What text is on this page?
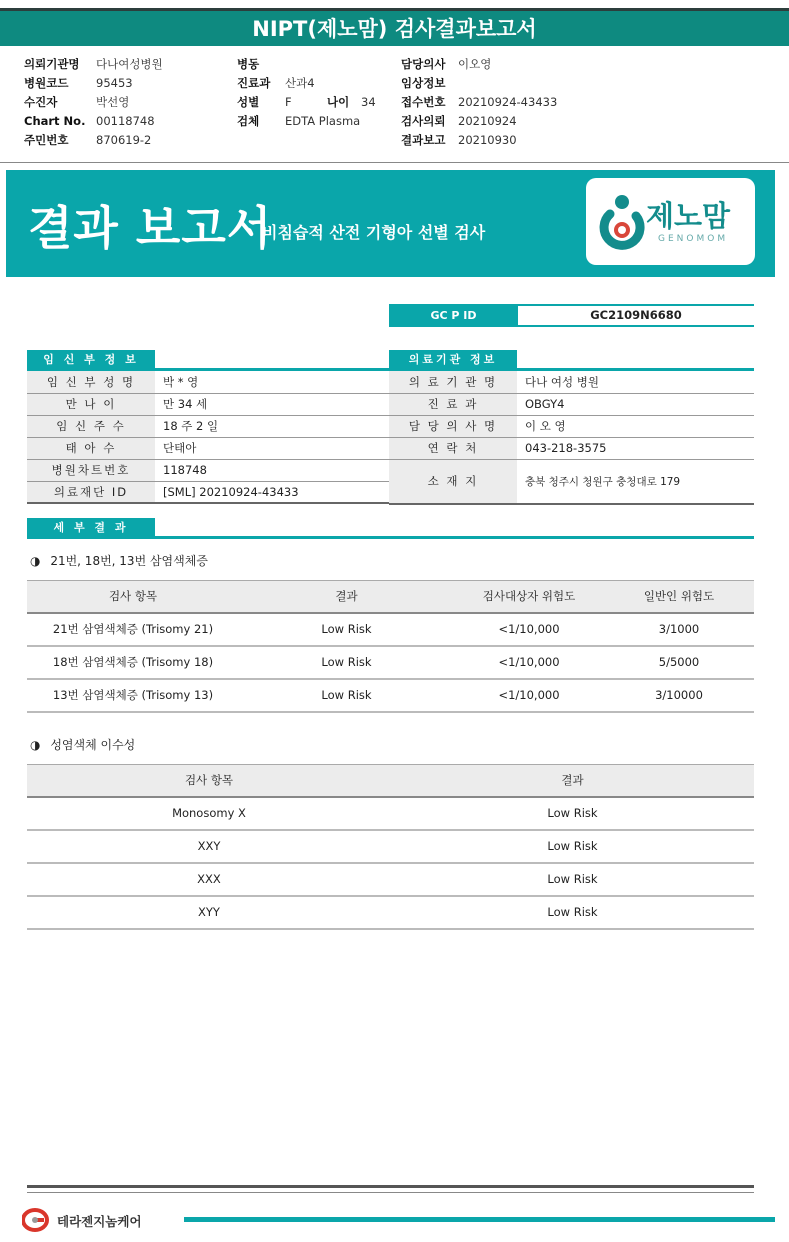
NIPT(제노맘) 검사결과보고서
의뢰기관명 다나여성병원
병원코드 95453
수진자	박선영
Chart No. 00118748
주민번호 870619-2
병동
진료과 산과4
성별 F	나이 34
검체 EDTA Plasma
담당의사 이오영
임상정보
접수번호 20210924-43433
검사의뢰 20210924
결과보고 20210930
결과 보고서
비침습적 산전 기형아 선별 검사	제노맘
GENOMOM
GC P ID	GC2109N6680
임 신 부 정 보
임 신 부 성 명	박 * 영
만 나 이	만 34 세
임 신 주 수	18 주 2 일
태 아 수	단태아
병원차트번호	118748
의료재단 ID	[SML] 20210924-43433
의료기관 정보
의 료 기 관 명	다나 여성 병원
진 료 과	OBGY4
담 당 의 사 명	이 오 영
연 락 처	043-218-3575
소 재 지	충북 청주시 청원구 충청대로 179
세 부 결 과
◑ 21번, 18번, 13번 삼염색체증
검사 항목	결과	검사대상자 위험도	일반인 위험도
21번 삼염색체증 (Trisomy 21)	Low Risk	<1/10,000	3/1000
18번 삼염색체증 (Trisomy 18)	Low Risk	<1/10,000	5/5000
13번 삼염색체증 (Trisomy 13)	Low Risk	<1/10,000	3/10000
◑ 성염색체 이수성
검사 항목	결과
Monosomy X	Low Risk
XXY	Low Risk
XXX	Low Risk
XYY	Low Risk
테라젠지놈케어
